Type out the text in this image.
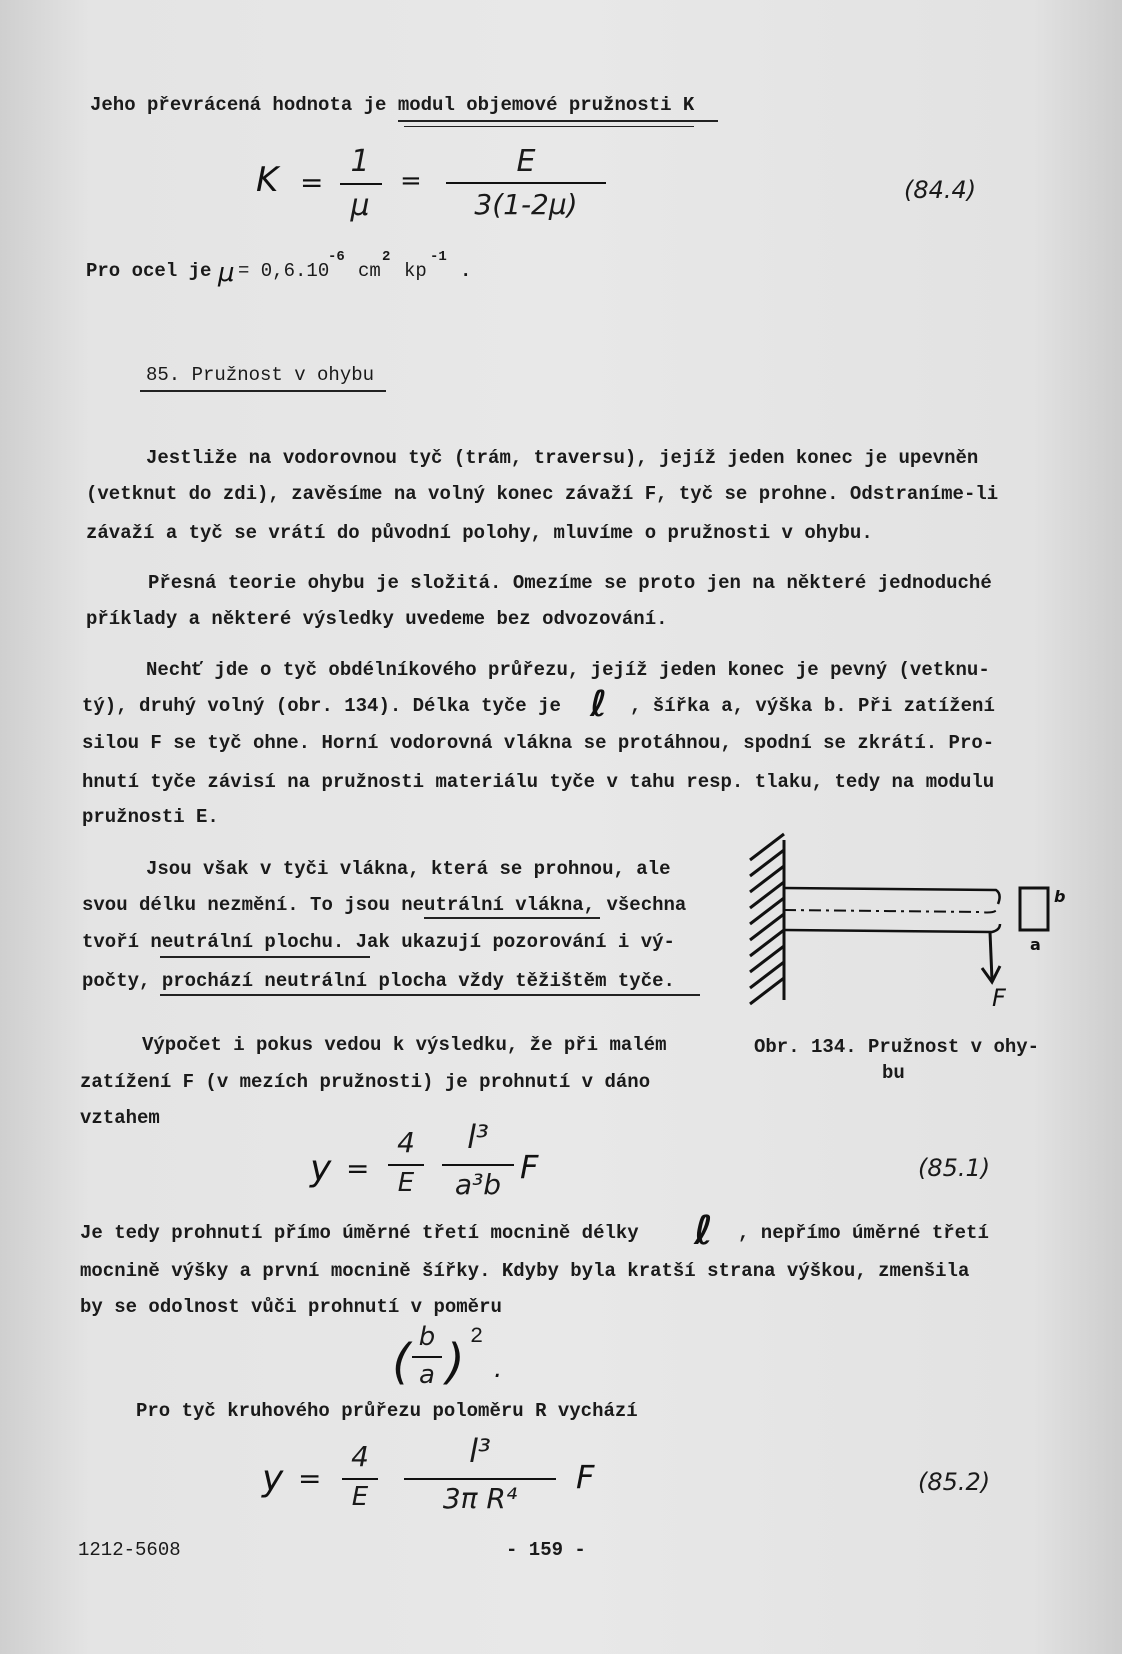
Jeho převrácená hodnota je modul objemové pružnosti K
K =
1
μ
=
E
3(1-2μ)	(84.4)
Pro ocel je μ = 0,6.10
-6
cm
2
kp
-1
.
85. Pružnost v ohybu
Jestliže na vodorovnou tyč (trám, traversu), jejíž jeden konec je upevněn
(vetknut do zdi), zavěsíme na volný konec závaží F, tyč se prohne. Odstraníme-li
závaží a tyč se vrátí do původní polohy, mluvíme o pružnosti v ohybu.
Přesná teorie ohybu je složitá. Omezíme se proto jen na některé jednoduché
příklady a některé výsledky uvedeme bez odvozování.
Nechť jde o tyč obdélníkového průřezu, jejíž jeden konec je pevný (vetknu-
tý), druhý volný (obr. 134). Délka tyče je ℓ , šířka a, výška b. Při zatížení
silou F se tyč ohne. Horní vodorovná vlákna se protáhnou, spodní se zkrátí. Pro-
hnutí tyče závisí na pružnosti materiálu tyče v tahu resp. tlaku, tedy na modulu
pružnosti E.
Jsou však v tyči vlákna, která se prohnou, ale
svou délku nezmění. To jsou neutrální vlákna, všechna
tvoří neutrální plochu. Jak ukazují pozorování i vý-
počty, prochází neutrální plocha vždy těžištěm tyče.
a
b
F
Výpočet i pokus vedou k výsledku, že při malém
zatížení F (v mezích pružnosti) je prohnutí v dáno
vztahem
Obr. 134. Pružnost v ohy-
bu
y =
4
E
l³
a³b F	(85.1)
Je tedy prohnutí přímo úměrné třetí mocnině délky ℓ , nepřímo úměrné třetí
mocnině výšky a první mocnině šířky. Kdyby byla kratší strana výškou, zmenšila
by se odolnost vůči prohnutí v poměru
( b
a ) 2
.
Pro tyč kruhového průřezu poloměru R vychází
y =
4
E
l³
3π R⁴
F	(85.2)
1212-5608	- 159 -
